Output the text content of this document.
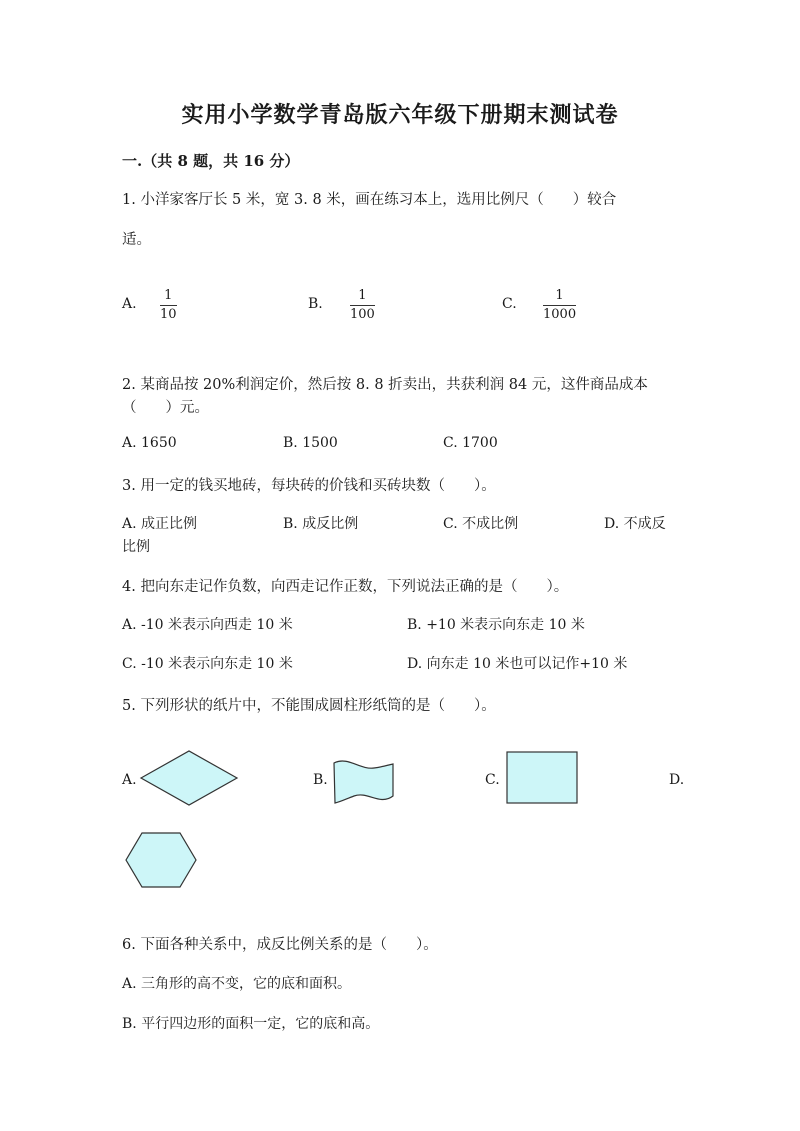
实用小学数学青岛版六年级下册期末测试卷
一.（共 8 题，共 16 分）
1. 小洋家客厅长 5 米，宽 3. 8 米，画在练习本上，选用比例尺（　　）较合
适。
A.
1
10
B.
1
100
C.
1
1000
2. 某商品按 20%利润定价，然后按 8. 8 折卖出，共获利润 84 元，这件商品成本
（　　）元。
A. 1650	B. 1500	C. 1700
3. 用一定的钱买地砖，每块砖的价钱和买砖块数（　　）。
A. 成正比例	B. 成反比例	C. 不成比例	D. 不成反
比例
4. 把向东走记作负数，向西走记作正数，下列说法正确的是（　　）。
A. -10 米表示向西走 10 米	B. +10 米表示向东走 10 米
C. -10 米表示向东走 10 米	D. 向东走 10 米也可以记作+10 米
5. 下列形状的纸片中，不能围成圆柱形纸筒的是（　　）。
A.	B.	C.	D.
6. 下面各种关系中，成反比例关系的是（　　）。
A. 三角形的高不变，它的底和面积。
B. 平行四边形的面积一定，它的底和高。
